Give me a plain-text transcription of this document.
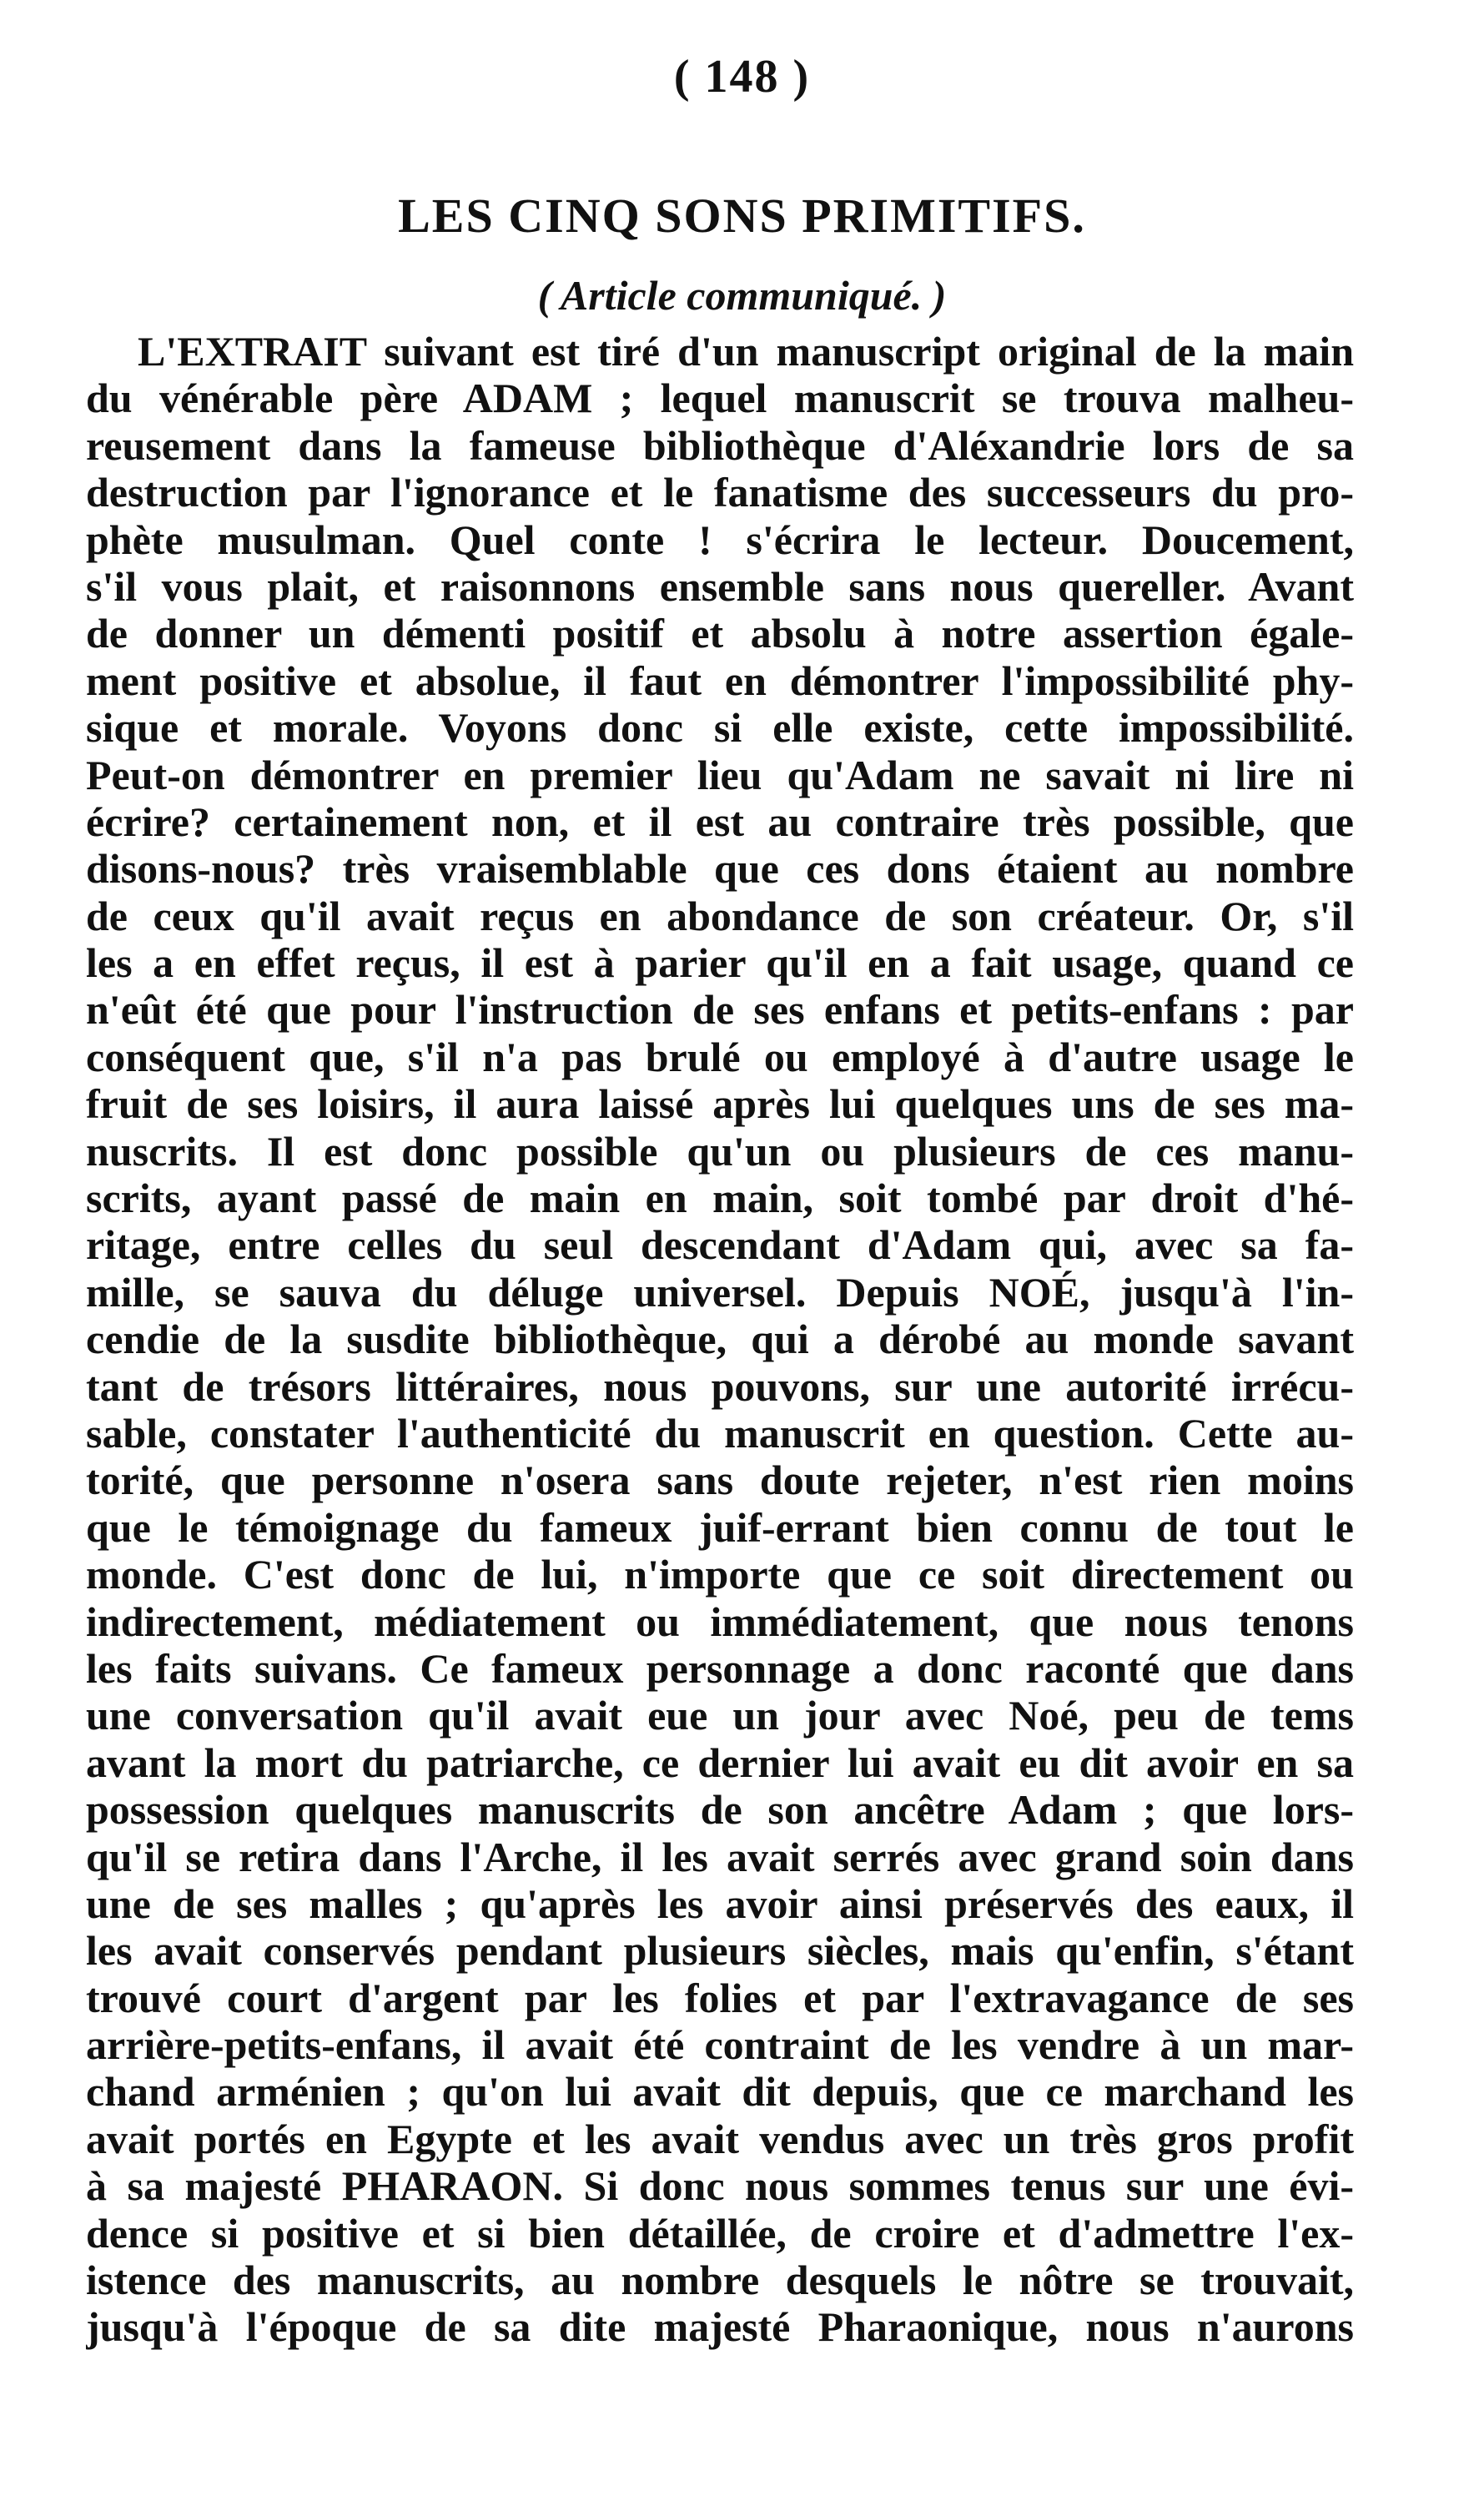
( 148 )
LES CINQ SONS PRIMITIFS.
( Article communiqué. )
L'EXTRAIT suivant est tiré d'un manuscript original de la main
du vénérable père ADAM ; lequel manuscrit se trouva malheu-
reusement dans la fameuse bibliothèque d'Aléxandrie lors de sa
destruction par l'ignorance et le fanatisme des successeurs du pro-
phète musulman. Quel conte ! s'écrira le lecteur. Doucement,
s'il vous plait, et raisonnons ensemble sans nous quereller. Avant
de donner un démenti positif et absolu à notre assertion égale-
ment positive et absolue, il faut en démontrer l'impossibilité phy-
sique et morale. Voyons donc si elle existe, cette impossibilité.
Peut-on démontrer en premier lieu qu'Adam ne savait ni lire ni
écrire? certainement non, et il est au contraire très possible, que
disons-nous? très vraisemblable que ces dons étaient au nombre
de ceux qu'il avait reçus en abondance de son créateur. Or, s'il
les a en effet reçus, il est à parier qu'il en a fait usage, quand ce
n'eût été que pour l'instruction de ses enfans et petits-enfans : par
conséquent que, s'il n'a pas brulé ou employé à d'autre usage le
fruit de ses loisirs, il aura laissé après lui quelques uns de ses ma-
nuscrits. Il est donc possible qu'un ou plusieurs de ces manu-
scrits, ayant passé de main en main, soit tombé par droit d'hé-
ritage, entre celles du seul descendant d'Adam qui, avec sa fa-
mille, se sauva du déluge universel. Depuis NOÉ, jusqu'à l'in-
cendie de la susdite bibliothèque, qui a dérobé au monde savant
tant de trésors littéraires, nous pouvons, sur une autorité irrécu-
sable, constater l'authenticité du manuscrit en question. Cette au-
torité, que personne n'osera sans doute rejeter, n'est rien moins
que le témoignage du fameux juif-errant bien connu de tout le
monde. C'est donc de lui, n'importe que ce soit directement ou
indirectement, médiatement ou immédiatement, que nous tenons
les faits suivans. Ce fameux personnage a donc raconté que dans
une conversation qu'il avait eue un jour avec Noé, peu de tems
avant la mort du patriarche, ce dernier lui avait eu dit avoir en sa
possession quelques manuscrits de son ancêtre Adam ; que lors-
qu'il se retira dans l'Arche, il les avait serrés avec grand soin dans
une de ses malles ; qu'après les avoir ainsi préservés des eaux, il
les avait conservés pendant plusieurs siècles, mais qu'enfin, s'étant
trouvé court d'argent par les folies et par l'extravagance de ses
arrière-petits-enfans, il avait été contraint de les vendre à un mar-
chand arménien ; qu'on lui avait dit depuis, que ce marchand les
avait portés en Egypte et les avait vendus avec un très gros profit
à sa majesté PHARAON. Si donc nous sommes tenus sur une évi-
dence si positive et si bien détaillée, de croire et d'admettre l'ex-
istence des manuscrits, au nombre desquels le nôtre se trouvait,
jusqu'à l'époque de sa dite majesté Pharaonique, nous n'aurons
